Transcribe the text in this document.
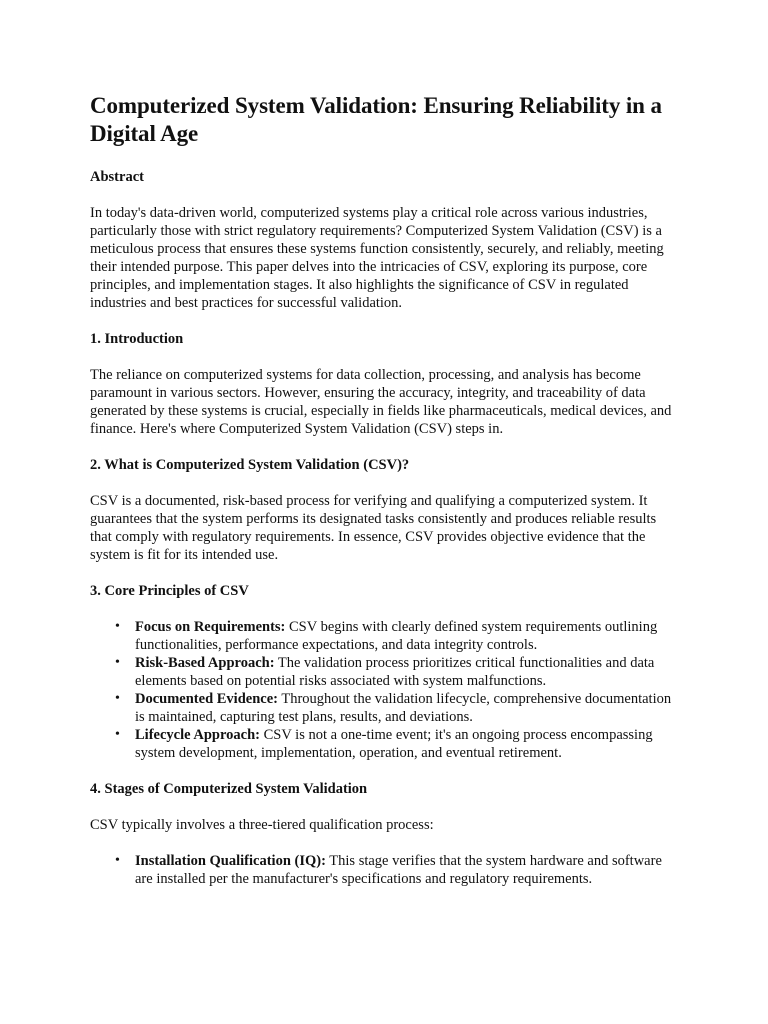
Computerized System Validation: Ensuring Reliability in a Digital Age
Abstract

In today's data-driven world, computerized systems play a critical role across various industries, particularly those with strict regulatory requirements? Computerized System Validation (CSV) is a meticulous process that ensures these systems function consistently, securely, and reliably, meeting their intended purpose. This paper delves into the intricacies of CSV, exploring its purpose, core principles, and implementation stages. It also highlights the significance of CSV in regulated industries and best practices for successful validation.

1. Introduction

The reliance on computerized systems for data collection, processing, and analysis has become paramount in various sectors. However, ensuring the accuracy, integrity, and traceability of data generated by these systems is crucial, especially in fields like pharmaceuticals, medical devices, and finance. Here's where Computerized System Validation (CSV) steps in.

2. What is Computerized System Validation (CSV)?

CSV is a documented, risk-based process for verifying and qualifying a computerized system. It guarantees that the system performs its designated tasks consistently and produces reliable results that comply with regulatory requirements. In essence, CSV provides objective evidence that the system is fit for its intended use.

3. Core Principles of CSV
• Focus on Requirements: CSV begins with clearly defined system requirements outlining functionalities, performance expectations, and data integrity controls.
• Risk-Based Approach: The validation process prioritizes critical functionalities and data elements based on potential risks associated with system malfunctions.
• Documented Evidence: Throughout the validation lifecycle, comprehensive documentation is maintained, capturing test plans, results, and deviations.
• Lifecycle Approach: CSV is not a one-time event; it's an ongoing process encompassing system development, implementation, operation, and eventual retirement.
4. Stages of Computerized System Validation

CSV typically involves a three-tiered qualification process:

• Installation Qualification (IQ): This stage verifies that the system hardware and software are installed per the manufacturer's specifications and regulatory requirements.
